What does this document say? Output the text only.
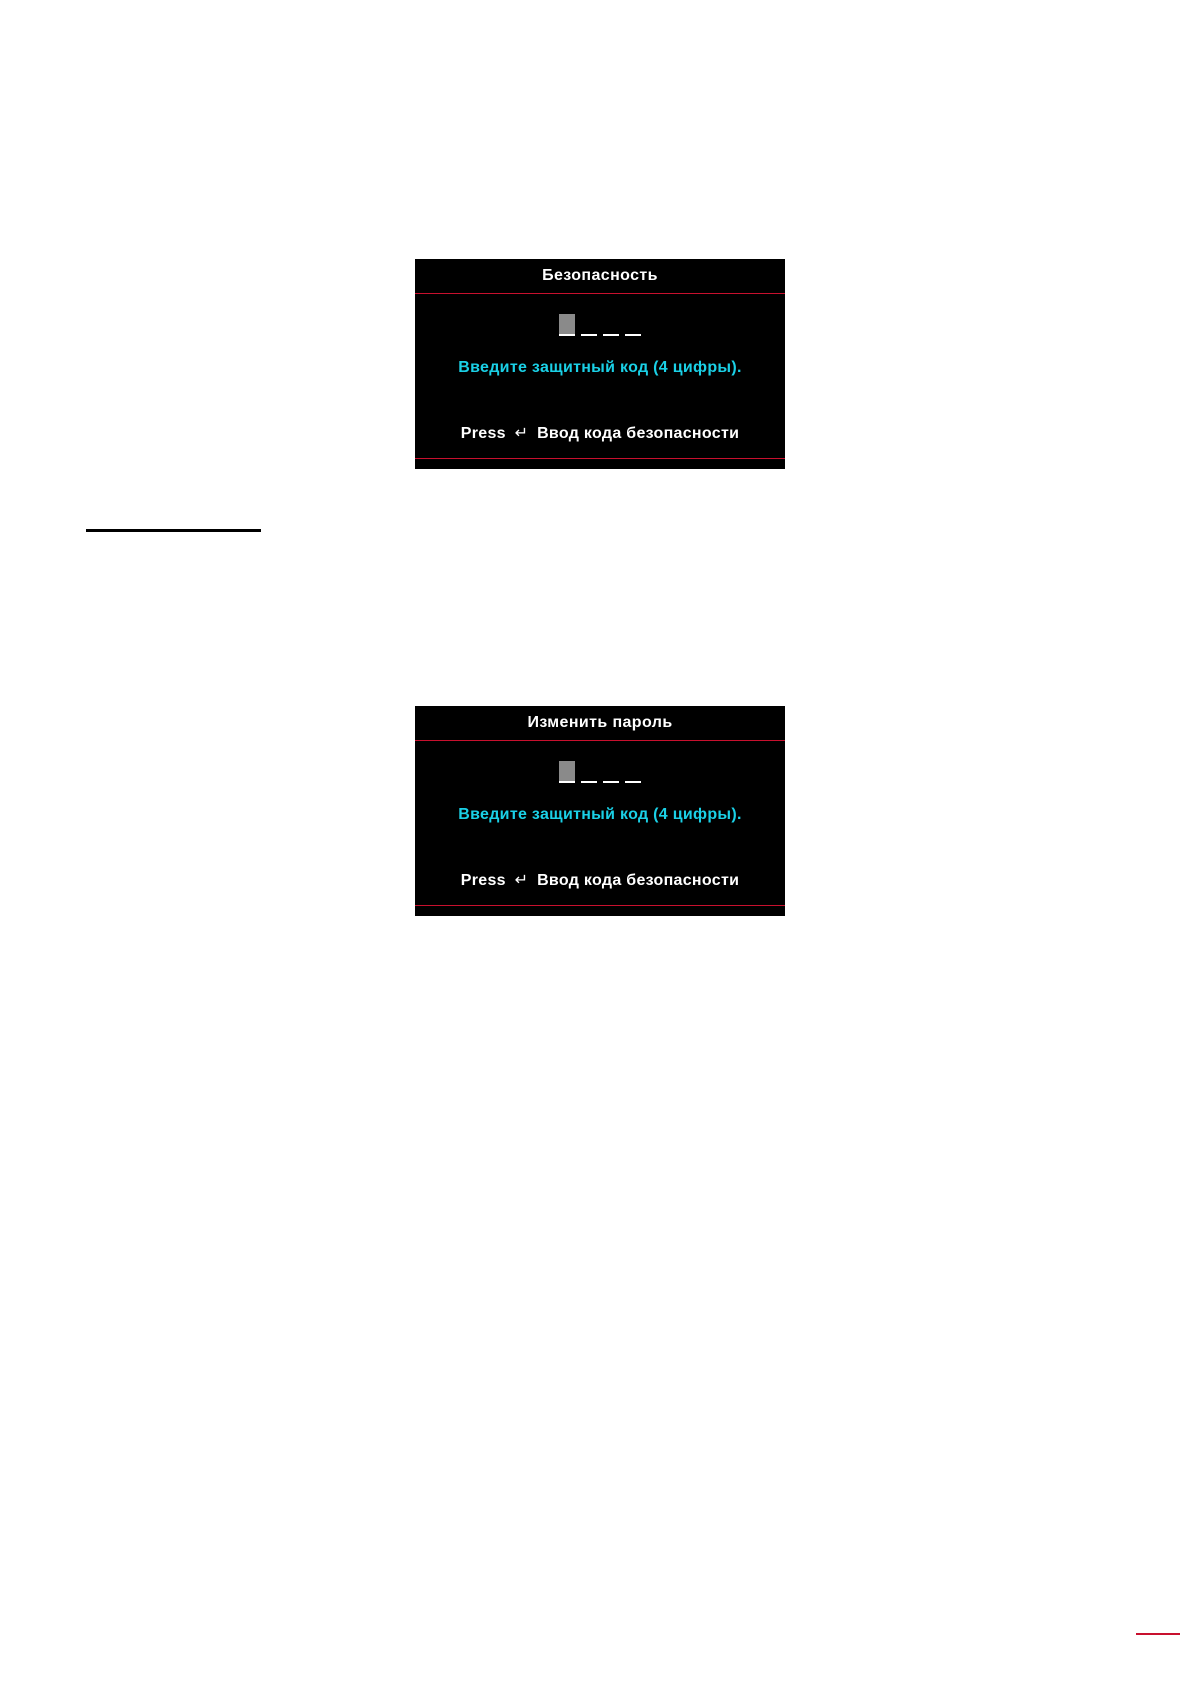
Безопасность
Введите защитный код (4 цифры).
Press ↵ Ввод кода безопасности
Изменить пароль
Введите защитный код (4 цифры).
Press ↵ Ввод кода безопасности
